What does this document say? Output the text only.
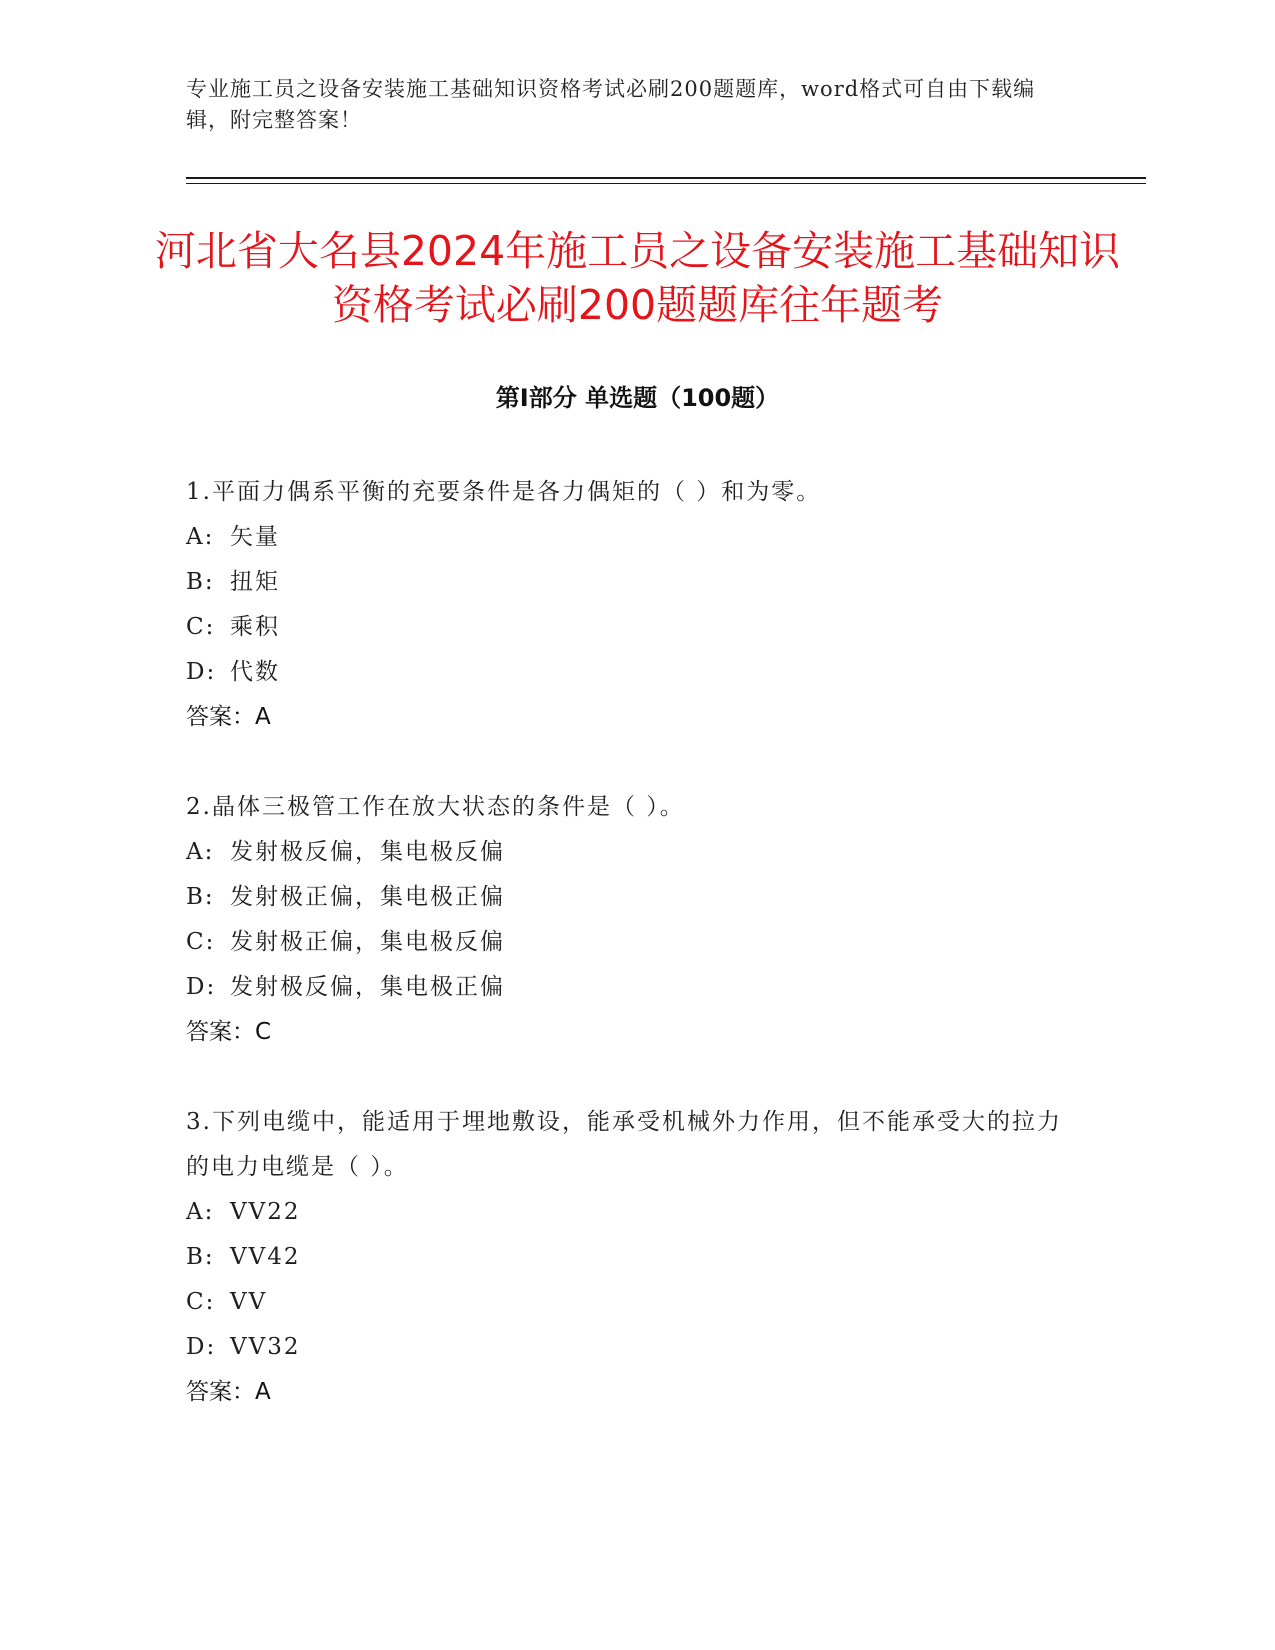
专业施工员之设备安装施工基础知识资格考试必刷200题题库，word格式可自由下载编辑，附完整答案！
河北省大名县2024年施工员之设备安装施工基础知识资格考试必刷200题题库往年题考
第Ⅰ部分 单选题（100题）

1.平面力偶系平衡的充要条件是各力偶矩的（ ）和为零。

A: 矢量

B: 扭矩

C: 乘积

D: 代数

答案：A

2.晶体三极管工作在放大状态的条件是（ ）。

A: 发射极反偏，集电极反偏

B: 发射极正偏，集电极正偏

C: 发射极正偏，集电极反偏

D: 发射极反偏，集电极正偏

答案：C

3.下列电缆中，能适用于埋地敷设，能承受机械外力作用，但不能承受大的拉力的电力电缆是（ ）。

A: VV22

B: VV42

C: VV

D: VV32

答案：A
